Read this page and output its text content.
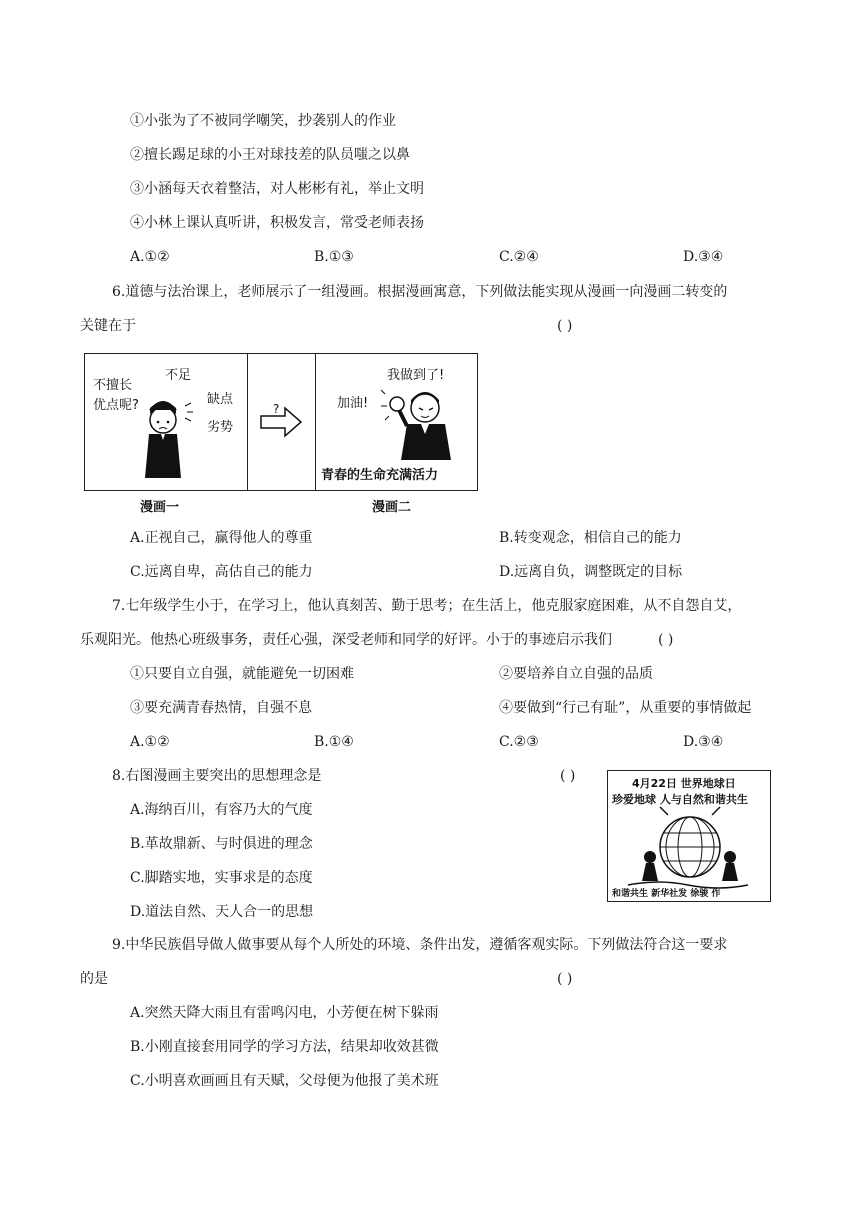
①小张为了不被同学嘲笑，抄袭别人的作业
②擅长踢足球的小王对球技差的队员嗤之以鼻
③小涵每天衣着整洁，对人彬彬有礼，举止文明
④小林上课认真听讲，积极发言，常受老师表扬
A.①②	B.①③	C.②④	D.③④
6.道德与法治课上，老师展示了一组漫画。根据漫画寓意，下列做法能实现从漫画一向漫画二转变的
关键在于	( )
不擅长
不足
优点呢?	缺点
劣势
?
我做到了!
加油!
青春的生命充满活力
漫画一	漫画二
A.正视自己，赢得他人的尊重	B.转变观念，相信自己的能力
C.远离自卑，高估自己的能力	D.远离自负，调整既定的目标
7.七年级学生小于，在学习上，他认真刻苦、勤于思考；在生活上，他克服家庭困难，从不自怨自艾，
乐观阳光。他热心班级事务，责任心强，深受老师和同学的好评。小于的事迹启示我们	( )
①只要自立自强，就能避免一切困难	②要培养自立自强的品质
③要充满青春热情，自强不息	④要做到“行己有耻”，从重要的事情做起
A.①②	B.①④	C.②③	D.③④
8.右图漫画主要突出的思想理念是	( )
A.海纳百川，有容乃大的气度
B.革故鼎新、与时俱进的理念
C.脚踏实地，实事求是的态度
D.道法自然、天人合一的思想
4月22日 世界地球日
珍爱地球 人与自然和谐共生
和谐共生 新华社发 徐骏 作
9.中华民族倡导做人做事要从每个人所处的环境、条件出发，遵循客观实际。下列做法符合这一要求
的是	( )
A.突然天降大雨且有雷鸣闪电，小芳便在树下躲雨
B.小刚直接套用同学的学习方法，结果却收效甚微
C.小明喜欢画画且有天赋，父母便为他报了美术班
